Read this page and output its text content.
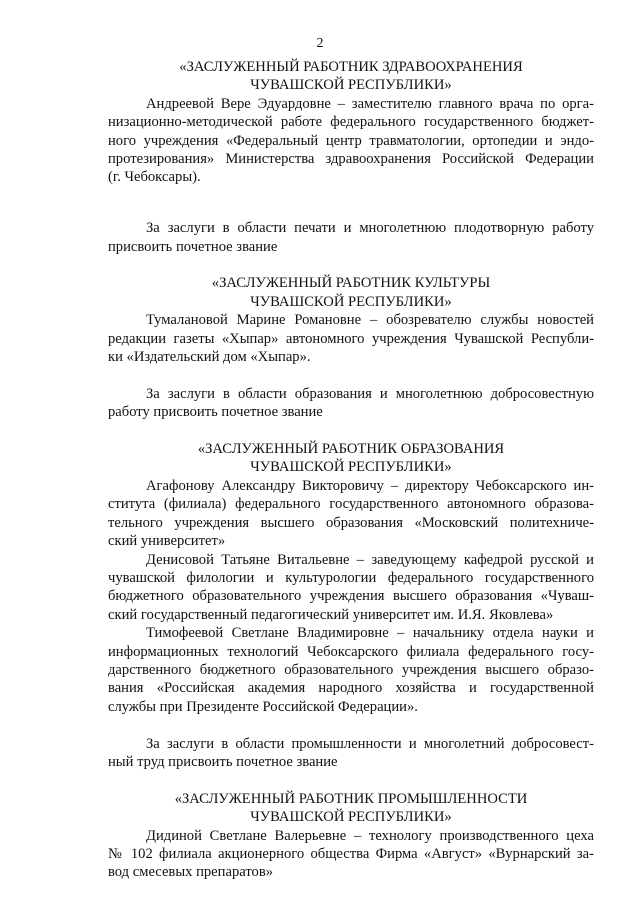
2
«ЗАСЛУЖЕННЫЙ РАБОТНИК ЗДРАВООХРАНЕНИЯ
ЧУВАШСКОЙ РЕСПУБЛИКИ»
Андреевой Вере Эдуардовне – заместителю главного врача по орга-
низационно-методической работе федерального государственного бюджет-
ного учреждения «Федеральный центр травматологии, ортопедии и эндо-
протезирования» Министерства здравоохранения Российской Федерации
(г. Чебоксары).
За заслуги в области печати и многолетнюю плодотворную работу
присвоить почетное звание
«ЗАСЛУЖЕННЫЙ РАБОТНИК КУЛЬТУРЫ
ЧУВАШСКОЙ РЕСПУБЛИКИ»
Тумалановой Марине Романовне – обозревателю службы новостей
редакции газеты «Хыпар» автономного учреждения Чувашской Республи-
ки «Издательский дом «Хыпар».
За заслуги в области образования и многолетнюю добросовестную
работу присвоить почетное звание
«ЗАСЛУЖЕННЫЙ РАБОТНИК ОБРАЗОВАНИЯ
ЧУВАШСКОЙ РЕСПУБЛИКИ»
Агафонову Александру Викторовичу – директору Чебоксарского ин-
ститута (филиала) федерального государственного автономного образова-
тельного учреждения высшего образования «Московский политехниче-
ский университет»
Денисовой Татьяне Витальевне – заведующему кафедрой русской и
чувашской филологии и культурологии федерального государственного
бюджетного образовательного учреждения высшего образования «Чуваш-
ский государственный педагогический университет им. И.Я. Яковлева»
Тимофеевой Светлане Владимировне – начальнику отдела науки и
информационных технологий Чебоксарского филиала федерального госу-
дарственного бюджетного образовательного учреждения высшего образо-
вания «Российская академия народного хозяйства и государственной
службы при Президенте Российской Федерации».
За заслуги в области промышленности и многолетний добросовест-
ный труд присвоить почетное звание
«ЗАСЛУЖЕННЫЙ РАБОТНИК ПРОМЫШЛЕННОСТИ
ЧУВАШСКОЙ РЕСПУБЛИКИ»
Дидиной Светлане Валерьевне – технологу производственного цеха
№ 102 филиала акционерного общества Фирма «Август» «Вурнарский за-
вод смесевых препаратов»
